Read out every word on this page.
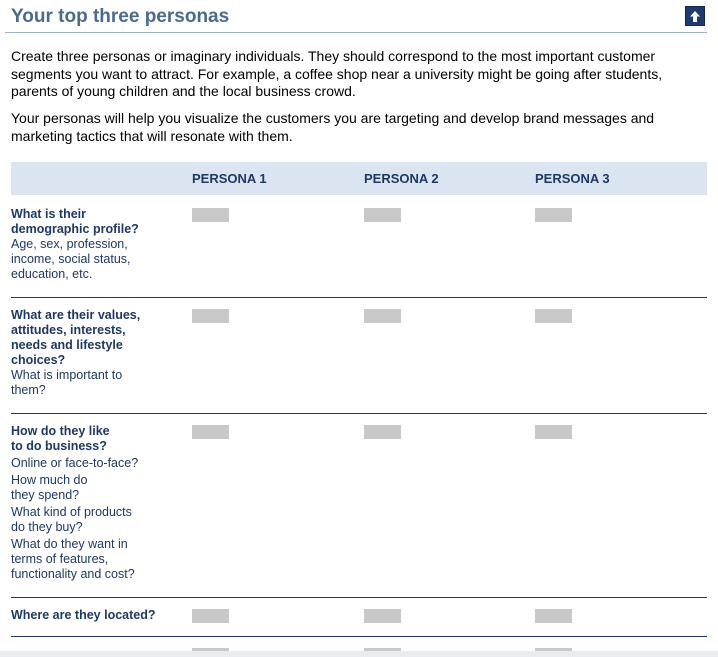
Your top three personas
Create three personas or imaginary individuals. They should correspond to the most important customer segments you want to attract. For example, a coffee shop near a university might be going after students, parents of young children and the local business crowd.
Your personas will help you visualize the customers you are targeting and develop brand messages and marketing tactics that will resonate with them.
PERSONA 1	PERSONA 2	PERSONA 3
What is their demographic profile?
Age, sex, profession, income, social status, education, etc.
What are their values, attitudes, interests, needs and lifestyle choices?
What is important to them?
How do they like to do business?
Online or face-to-face?
How much do they spend?
What kind of products do they buy?
What do they want in terms of features, functionality and cost?
Where are they located?
